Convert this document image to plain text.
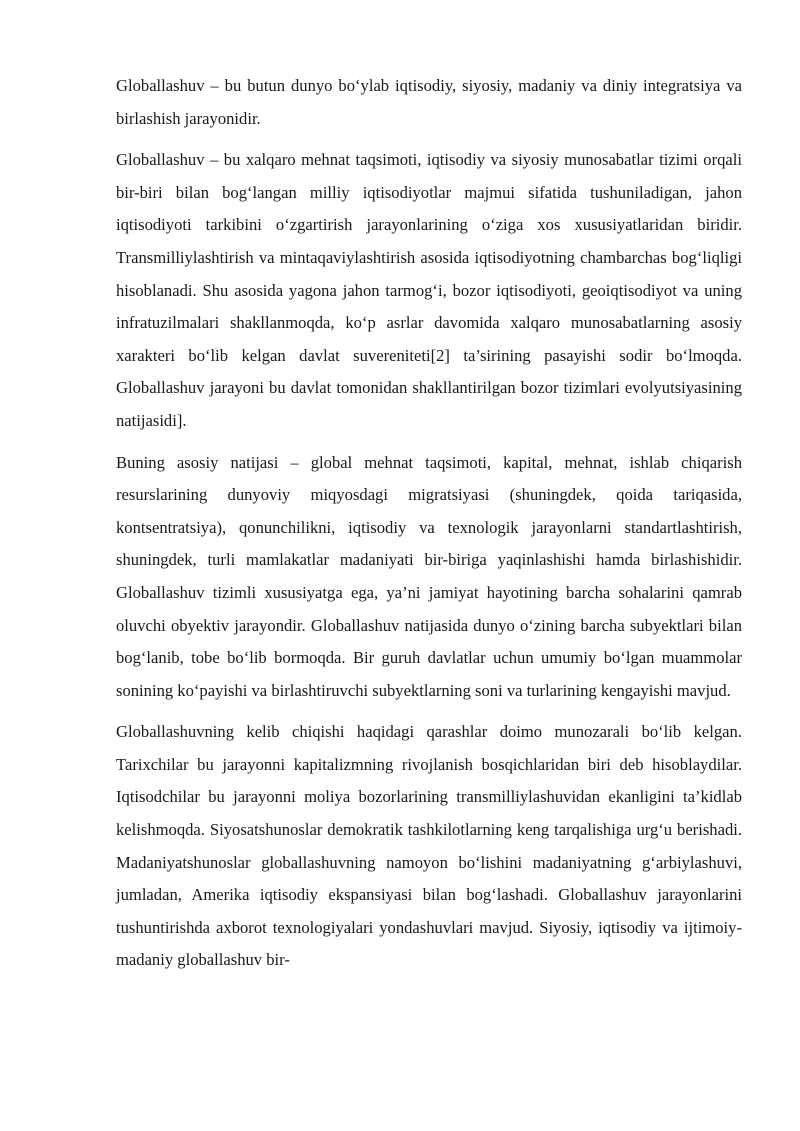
Globallashuv – bu butun dunyo bo‘ylab iqtisodiy, siyosiy, madaniy va diniy integratsiya va birlashish jarayonidir.

Globallashuv – bu xalqaro mehnat taqsimoti, iqtisodiy va siyosiy munosabatlar tizimi orqali bir-biri bilan bog‘langan milliy iqtisodiyotlar majmui sifatida tushuniladigan, jahon iqtisodiyoti tarkibini o‘zgartirish jarayonlarining o‘ziga xos xususiyatlaridan biridir. Transmilliylashtirish va mintaqaviylashtirish asosida iqtisodiyotning chambarchas bog‘liqligi hisoblanadi. Shu asosida yagona jahon tarmog‘i, bozor iqtisodiyoti, geoiqtisodiyot va uning infratuzilmalari shakllanmoqda, ko‘p asrlar davomida xalqaro munosabatlarning asosiy xarakteri bo‘lib kelgan davlat suvereniteti[2] ta’sirining pasayishi sodir bo‘lmoqda. Globallashuv jarayoni bu davlat tomonidan shakllantirilgan bozor tizimlari evolyutsiyasining natijasidi].

Buning asosiy natijasi – global mehnat taqsimoti, kapital, mehnat, ishlab chiqarish resurslarining dunyoviy miqyosdagi migratsiyasi (shuningdek, qoida tariqasida, kontsentratsiya), qonunchilikni, iqtisodiy va texnologik jarayonlarni standartlashtirish, shuningdek, turli mamlakatlar madaniyati bir-biriga yaqinlashishi hamda birlashishidir. Globallashuv tizimli xususiyatga ega, ya’ni jamiyat hayotining barcha sohalarini qamrab oluvchi obyektiv jarayondir. Globallashuv natijasida dunyo o‘zining barcha subyektlari bilan bog‘lanib, tobe bo‘lib bormoqda. Bir guruh davlatlar uchun umumiy bo‘lgan muammolar sonining ko‘payishi va birlashtiruvchi subyektlarning soni va turlarining kengayishi mavjud.

Globallashuvning kelib chiqishi haqidagi qarashlar doimo munozarali bo‘lib kelgan. Tarixchilar bu jarayonni kapitalizmning rivojlanish bosqichlaridan biri deb hisoblaydilar. Iqtisodchilar bu jarayonni moliya bozorlarining transmilliylashuvidan ekanligini ta’kidlab kelishmoqda. Siyosatshunoslar demokratik tashkilotlarning keng tarqalishiga urg‘u berishadi. Madaniyatshunoslar globallashuvning namoyon bo‘lishini madaniyatning g‘arbiylashuvi, jumladan, Amerika iqtisodiy ekspansiyasi bilan bog‘lashadi. Globallashuv jarayonlarini tushuntirishda axborot texnologiyalari yondashuvlari mavjud. Siyosiy, iqtisodiy va ijtimoiy-madaniy globallashuv bir-
